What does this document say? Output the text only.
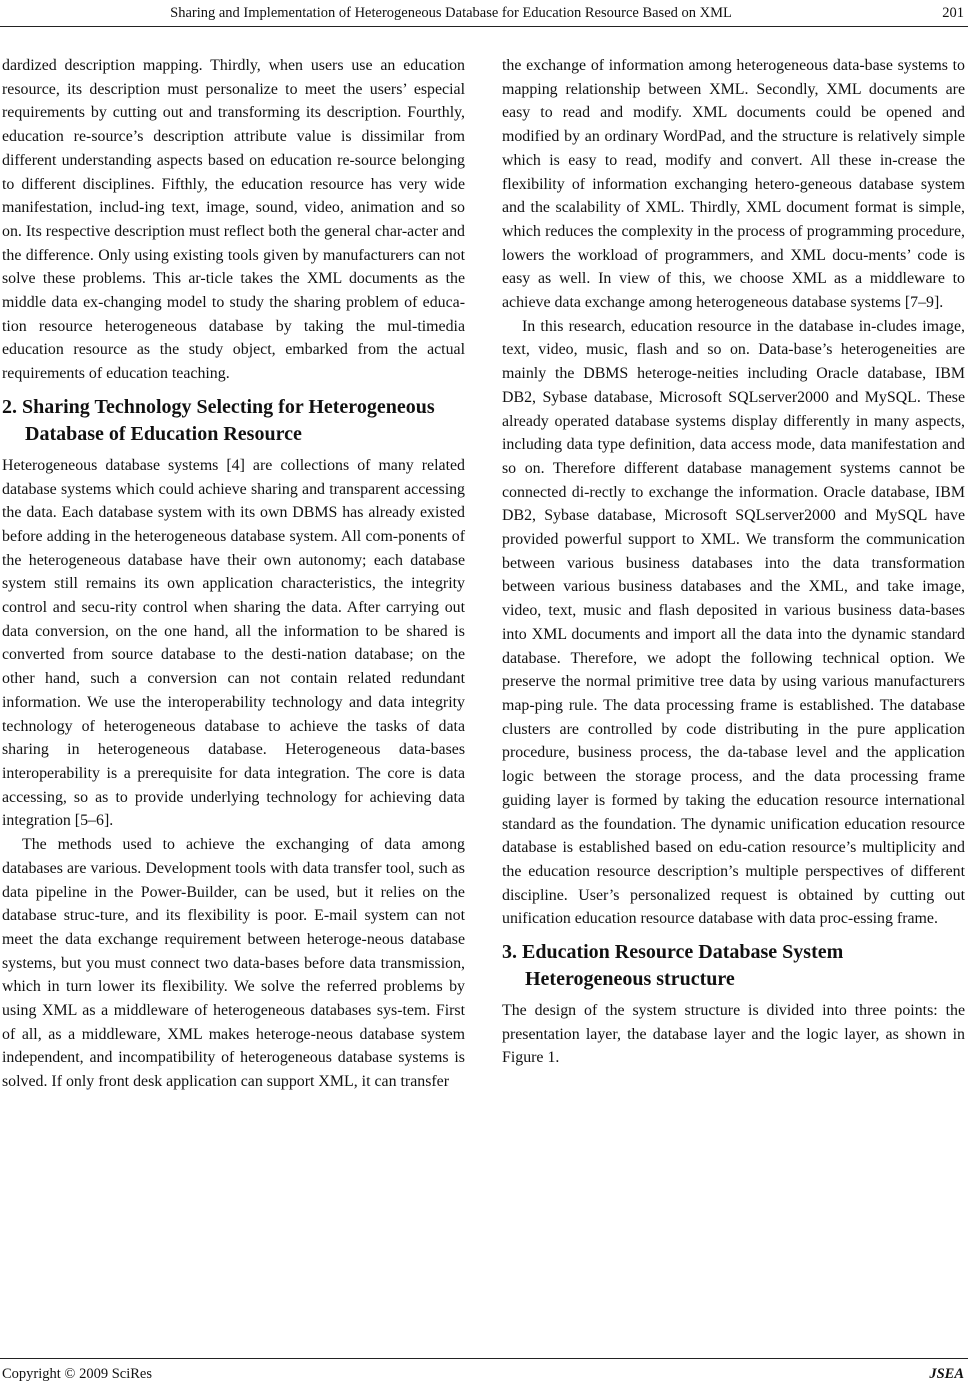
Sharing and Implementation of Heterogeneous Database for Education Resource Based on XML	201

dardized description mapping. Thirdly, when users use an education resource, its description must personalize to meet the users’ especial requirements by cutting out and transforming its description. Fourthly, education re-source’s description attribute value is dissimilar from different understanding aspects based on education re-source belonging to different disciplines. Fifthly, the education resource has very wide manifestation, includ-ing text, image, sound, video, animation and so on. Its respective description must reflect both the general char-acter and the difference. Only using existing tools given by manufacturers can not solve these problems. This ar-ticle takes the XML documents as the middle data ex-changing model to study the sharing problem of educa-tion resource heterogeneous database by taking the mul-timedia education resource as the study object, embarked from the actual requirements of education teaching.

2. Sharing Technology Selecting for Heterogeneous Database of Education Resource

Heterogeneous database systems [4] are collections of many related database systems which could achieve sharing and transparent accessing the data. Each database system with its own DBMS has already existed before adding in the heterogeneous database system. All com-ponents of the heterogeneous database have their own autonomy; each database system still remains its own application characteristics, the integrity control and secu-rity control when sharing the data. After carrying out data conversion, on the one hand, all the information to be shared is converted from source database to the desti-nation database; on the other hand, such a conversion can not contain related redundant information. We use the interoperability technology and data integrity technology of heterogeneous database to achieve the tasks of data sharing in heterogeneous database. Heterogeneous data-bases interoperability is a prerequisite for data integration. The core is data accessing, so as to provide underlying technology for achieving data integration [5–6].

The methods used to achieve the exchanging of data among databases are various. Development tools with data transfer tool, such as data pipeline in the Power-Builder, can be used, but it relies on the database struc-ture, and its flexibility is poor. E-mail system can not meet the data exchange requirement between heteroge-neous database systems, but you must connect two data-bases before data transmission, which in turn lower its flexibility. We solve the referred problems by using XML as a middleware of heterogeneous databases sys-tem. First of all, as a middleware, XML makes heteroge-neous database system independent, and incompatibility of heterogeneous database systems is solved. If only front desk application can support XML, it can transfer

the exchange of information among heterogeneous data-base systems to mapping relationship between XML. Secondly, XML documents are easy to read and modify. XML documents could be opened and modified by an ordinary WordPad, and the structure is relatively simple which is easy to read, modify and convert. All these in-crease the flexibility of information exchanging hetero-geneous database system and the scalability of XML. Thirdly, XML document format is simple, which reduces the complexity in the process of programming procedure, lowers the workload of programmers, and XML docu-ments’ code is easy as well. In view of this, we choose XML as a middleware to achieve data exchange among heterogeneous database systems [7–9].

In this research, education resource in the database in-cludes image, text, video, music, flash and so on. Data-base’s heterogeneities are mainly the DBMS heteroge-neities including Oracle database, IBM DB2, Sybase database, Microsoft SQLserver2000 and MySQL. These already operated database systems display differently in many aspects, including data type definition, data access mode, data manifestation and so on. Therefore different database management systems cannot be connected di-rectly to exchange the information. Oracle database, IBM DB2, Sybase database, Microsoft SQLserver2000 and MySQL have provided powerful support to XML. We transform the communication between various business databases into the data transformation between various business databases and the XML, and take image, video, text, music and flash deposited in various business data-bases into XML documents and import all the data into the dynamic standard database. Therefore, we adopt the following technical option. We preserve the normal primitive tree data by using various manufacturers map-ping rule. The data processing frame is established. The database clusters are controlled by code distributing in the pure application procedure, business process, the da-tabase level and the application logic between the storage process, and the data processing frame guiding layer is formed by taking the education resource international standard as the foundation. The dynamic unification education resource database is established based on edu-cation resource’s multiplicity and the education resource description’s multiple perspectives of different discipline. User’s personalized request is obtained by cutting out unification education resource database with data proc-essing frame.

3. Education Resource Database System Heterogeneous structure

The design of the system structure is divided into three points: the presentation layer, the database layer and the logic layer, as shown in Figure 1.

Copyright © 2009 SciRes	JSEA
